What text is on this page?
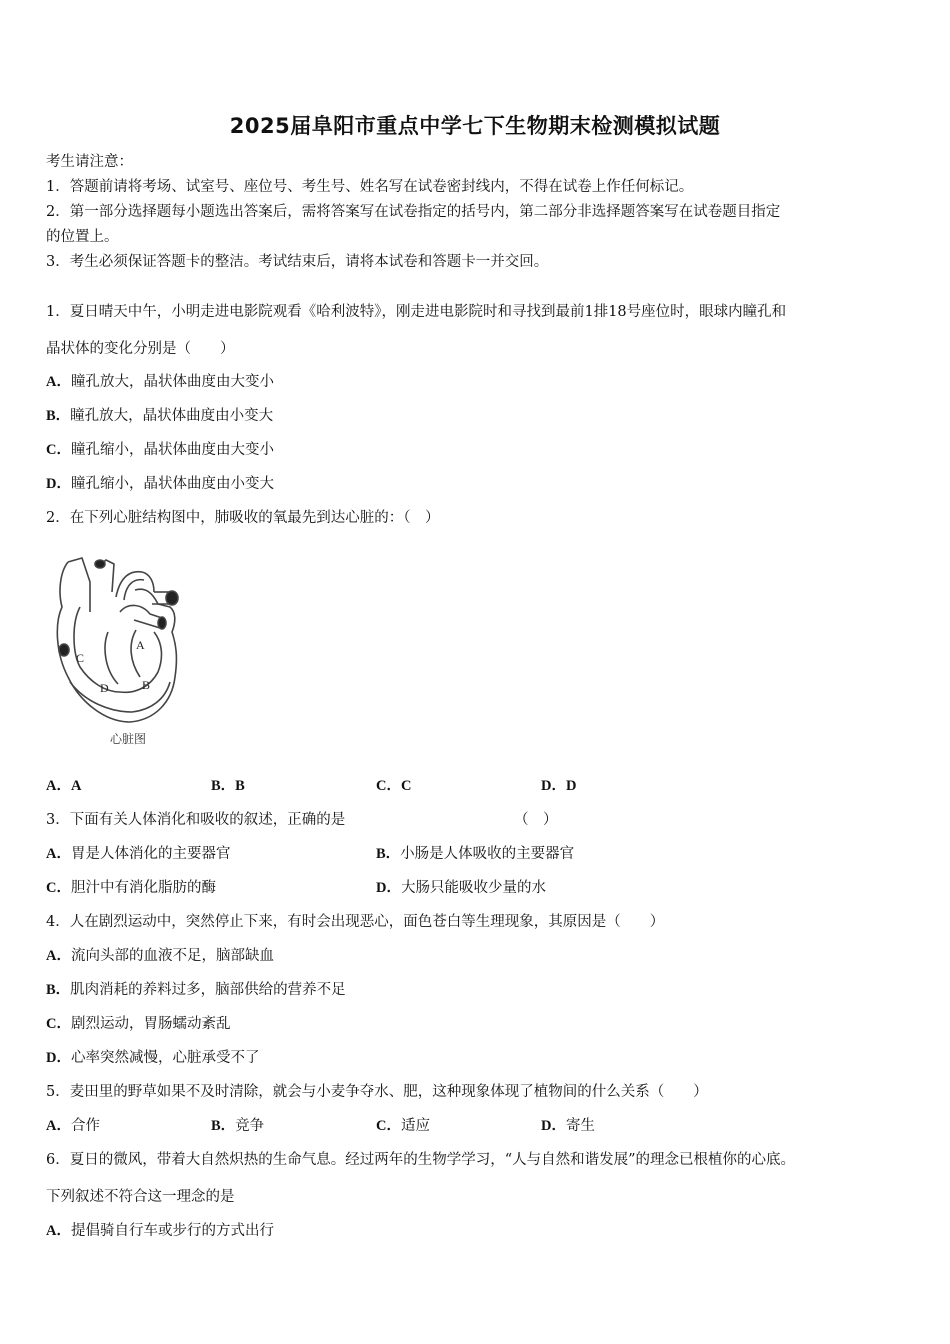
2025届阜阳市重点中学七下生物期末检测模拟试题
考生请注意：
1．答题前请将考场、试室号、座位号、考生号、姓名写在试卷密封线内，不得在试卷上作任何标记。
2．第一部分选择题每小题选出答案后，需将答案写在试卷指定的括号内，第二部分非选择题答案写在试卷题目指定
的位置上。
3．考生必须保证答题卡的整洁。考试结束后，请将本试卷和答题卡一并交回。
1．夏日晴天中午，小明走进电影院观看《哈利波特》，刚走进电影院时和寻找到最前1排18号座位时，眼球内瞳孔和
晶状体的变化分别是（　　）
A．瞳孔放大，晶状体曲度由大变小
B．瞳孔放大，晶状体曲度由小变大
C．瞳孔缩小，晶状体曲度由大变小
D．瞳孔缩小，晶状体曲度由小变大
2．在下列心脏结构图中，肺吸收的氧最先到达心脏的：（　）
A
B
C
D
心脏图
A．A	B．B	C．C	D．D
3．下面有关人体消化和吸收的叙述，正确的是	（　）
A．胃是人体消化的主要器官	B．小肠是人体吸收的主要器官
C．胆汁中有消化脂肪的酶	D．大肠只能吸收少量的水
4．人在剧烈运动中，突然停止下来，有时会出现恶心，面色苍白等生理现象，其原因是（　　）
A．流向头部的血液不足，脑部缺血
B．肌肉消耗的养料过多，脑部供给的营养不足
C．剧烈运动，胃肠蠕动紊乱
D．心率突然减慢，心脏承受不了
5．麦田里的野草如果不及时清除，就会与小麦争夺水、肥，这种现象体现了植物间的什么关系（　　）
A．合作	B．竞争	C．适应	D．寄生
6．夏日的微风，带着大自然炽热的生命气息。经过两年的生物学学习，“人与自然和谐发展”的理念已根植你的心底。
下列叙述不符合这一理念的是
A．提倡骑自行车或步行的方式出行
